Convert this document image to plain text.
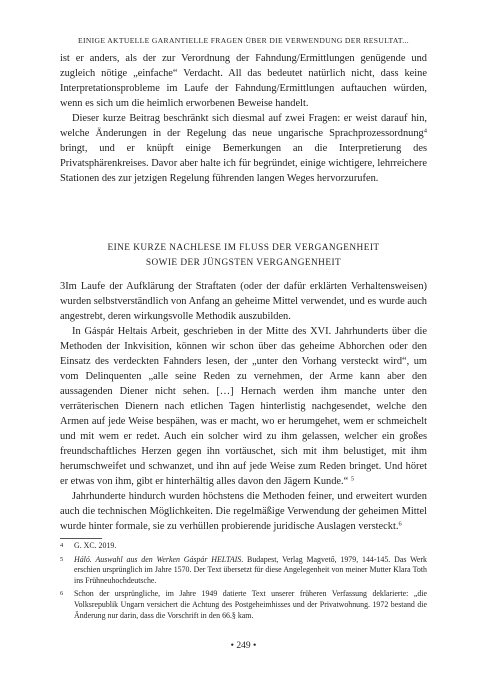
EINIGE AKTUELLE GARANTIELLE FRAGEN ÜBER DIE VERWENDUNG DER RESULTAT...

ist er anders, als der zur Verordnung der Fahndung/Ermittlungen genügende und zugleich nötige „einfache“ Verdacht. All das bedeutet natürlich nicht, dass keine Interpretationsprobleme im Laufe der Fahndung/Ermittlungen auftauchen würden, wenn es sich um die heimlich erworbenen Beweise handelt.

Dieser kurze Beitrag beschränkt sich diesmal auf zwei Fragen: er weist darauf hin, welche Änderungen in der Regelung das neue ungarische Sprachprozessordnung$^4$ bringt, und er knüpft einige Bemerkungen an die Interpretierung des Privatsphärenkreises. Davor aber halte ich für begründet, einige wichtigere, lehrreichere Stationen des zur jetzigen Regelung führenden langen Weges hervorzurufen.

EINE KURZE NACHLESE IM FLUSS DER VERGANGENHEIT
SOWIE DER JÜNGSTEN VERGANGENHEIT

3Im Laufe der Aufklärung der Straftaten (oder der dafür erklärten Verhaltensweisen) wurden selbstverständlich von Anfang an geheime Mittel verwendet, und es wurde auch angestrebt, deren wirkungsvolle Methodik auszubilden.

In Gáspár Heltais Arbeit, geschrieben in der Mitte des XVI. Jahrhunderts über die Methoden der Inkvisition, können wir schon über das geheime Abhorchen oder den Einsatz des verdeckten Fahnders lesen, der „unter den Vorhang versteckt wird“, um vom Delinquenten „alle seine Reden zu vernehmen, der Arme kann aber den aussagenden Diener nicht sehen. […] Hernach werden ihm manche unter den verräterischen Dienern nach etlichen Tagen hinterlistig nachgesendet, welche den Armen auf jede Weise bespähen, was er macht, wo er herumgehet, wem er schmeichelt und mit wem er redet. Auch ein solcher wird zu ihm gelassen, welcher ein großes freundschaftliches Herzen gegen ihn vortäuschet, sich mit ihm belustiget, mit ihm herumschweifet und schwanzet, und ihn auf jede Weise zum Reden bringet. Und höret er etwas von ihm, gibt er hinterhältig alles davon den Jägern Kunde.“ $^5$

Jahrhunderte hindurch wurden höchstens die Methoden feiner, und erweitert wurden auch die technischen Möglichkeiten. Die regelmäßige Verwendung der geheimen Mittel wurde hinter formale, sie zu verhüllen probierende juridische Auslagen versteckt.$^6$

4 G. XC. 2019.
5 Háló. Auswahl aus den Werken Gáspár HELTAIS. Budapest, Verlag Magvető, 1979, 144-145. Das Werk erschien ursprünglich im Jahre 1570. Der Text übersetzt für diese Angelegenheit von meiner Mutter Klara Toth ins Frühneuhochdeutsche.
6 Schon der ursprüngliche, im Jahre 1949 datierte Text unserer früheren Verfassung deklarierte: „die Volksrepublik Ungarn versichert die Achtung des Postgeheimhisses und der Privatwohnung. 1972 bestand die Änderung nur darin, dass die Vorschrift in den 66.§ kam.
• 249 •
